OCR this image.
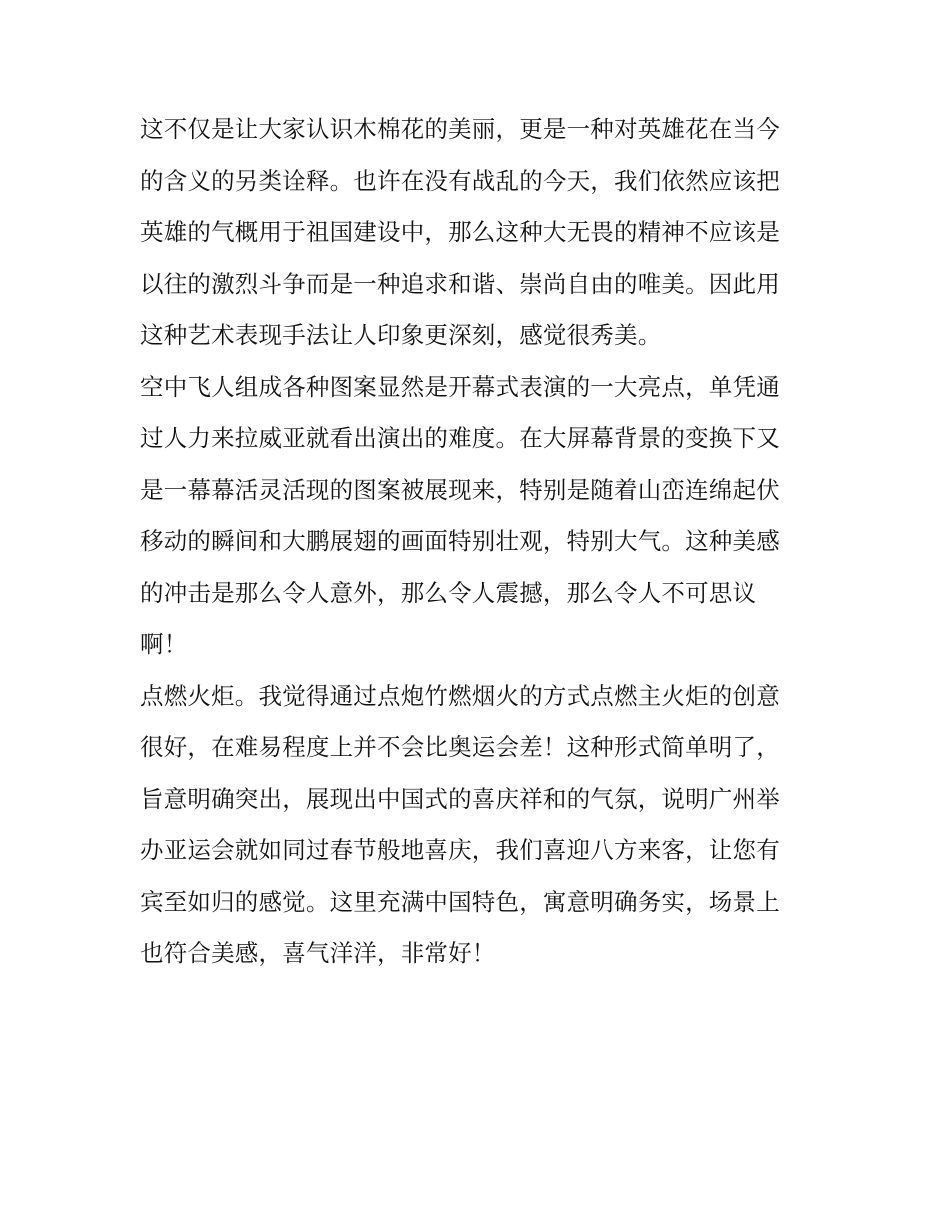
这不仅是让大家认识木棉花的美丽，更是一种对英雄花在当今
的含义的另类诠释。也许在没有战乱的今天，我们依然应该把
英雄的气概用于祖国建设中，那么这种大无畏的精神不应该是
以往的激烈斗争而是一种追求和谐、崇尚自由的唯美。因此用
这种艺术表现手法让人印象更深刻，感觉很秀美。
空中飞人组成各种图案显然是开幕式表演的一大亮点，单凭通
过人力来拉威亚就看出演出的难度。在大屏幕背景的变换下又
是一幕幕活灵活现的图案被展现来，特别是随着山峦连绵起伏
移动的瞬间和大鹏展翅的画面特别壮观，特别大气。这种美感
的冲击是那么令人意外，那么令人震撼，那么令人不可思议
啊！
点燃火炬。我觉得通过点炮竹燃烟火的方式点燃主火炬的创意
很好，在难易程度上并不会比奥运会差！这种形式简单明了，
旨意明确突出，展现出中国式的喜庆祥和的气氛，说明广州举
办亚运会就如同过春节般地喜庆，我们喜迎八方来客，让您有
宾至如归的感觉。这里充满中国特色，寓意明确务实，场景上
也符合美感，喜气洋洋，非常好！
